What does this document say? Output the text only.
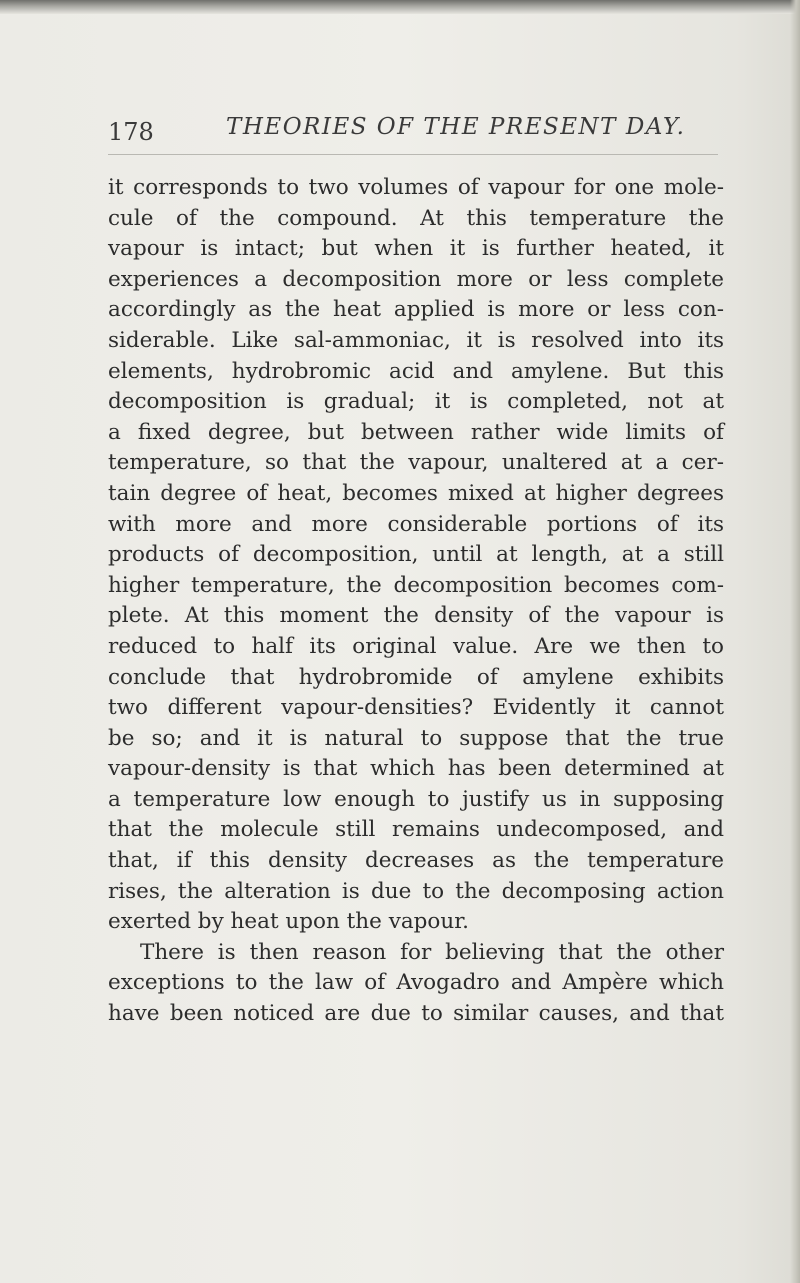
178	THEORIES OF THE PRESENT DAY.
it corresponds to two volumes of vapour for one mole-
cule of the compound. At this temperature the
vapour is intact; but when it is further heated, it
experiences a decomposition more or less complete
accordingly as the heat applied is more or less con-
siderable. Like sal-ammoniac, it is resolved into its
elements, hydrobromic acid and amylene. But this
decomposition is gradual; it is completed, not at
a fixed degree, but between rather wide limits of
temperature, so that the vapour, unaltered at a cer-
tain degree of heat, becomes mixed at higher degrees
with more and more considerable portions of its
products of decomposition, until at length, at a still
higher temperature, the decomposition becomes com-
plete. At this moment the density of the vapour is
reduced to half its original value. Are we then to
conclude that hydrobromide of amylene exhibits
two different vapour-densities? Evidently it cannot
be so; and it is natural to suppose that the true
vapour-density is that which has been determined at
a temperature low enough to justify us in supposing
that the molecule still remains undecomposed, and
that, if this density decreases as the temperature
rises, the alteration is due to the decomposing action
exerted by heat upon the vapour.
There is then reason for believing that the other
exceptions to the law of Avogadro and Ampère which
have been noticed are due to similar causes, and that
